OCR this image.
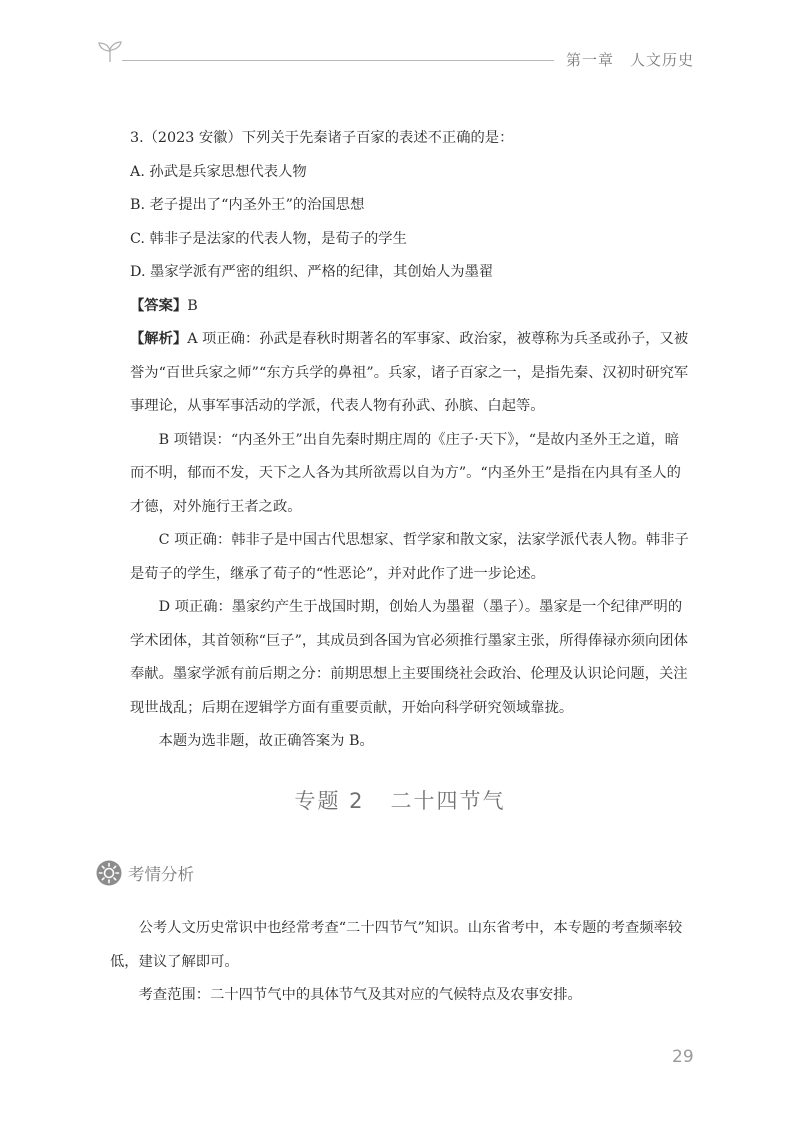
第一章 人文历史

3.（2023 安徽）下列关于先秦诸子百家的表述不正确的是：

A. 孙武是兵家思想代表人物

B. 老子提出了“内圣外王”的治国思想

C. 韩非子是法家的代表人物，是荀子的学生

D. 墨家学派有严密的组织、严格的纪律，其创始人为墨翟

【答案】B

【解析】A 项正确：孙武是春秋时期著名的军事家、政治家，被尊称为兵圣或孙子，又被誉为“百世兵家之师”“东方兵学的鼻祖”。兵家，诸子百家之一，是指先秦、汉初时研究军事理论，从事军事活动的学派，代表人物有孙武、孙膑、白起等。

B 项错误：“内圣外王”出自先秦时期庄周的《庄子·天下》，“是故内圣外王之道，暗而不明，郁而不发，天下之人各为其所欲焉以自为方”。“内圣外王”是指在内具有圣人的才德，对外施行王者之政。

C 项正确：韩非子是中国古代思想家、哲学家和散文家，法家学派代表人物。韩非子是荀子的学生，继承了荀子的“性恶论”，并对此作了进一步论述。

D 项正确：墨家约产生于战国时期，创始人为墨翟（墨子）。墨家是一个纪律严明的学术团体，其首领称“巨子”，其成员到各国为官必须推行墨家主张，所得俸禄亦须向团体奉献。墨家学派有前后期之分：前期思想上主要围绕社会政治、伦理及认识论问题，关注现世战乱；后期在逻辑学方面有重要贡献，开始向科学研究领域靠拢。

本题为选非题，故正确答案为 B。

专题 2 二十四节气
考情分析

公考人文历史常识中也经常考查“二十四节气”知识。山东省考中，本专题的考查频率较低，建议了解即可。

考查范围：二十四节气中的具体节气及其对应的气候特点及农事安排。

29
